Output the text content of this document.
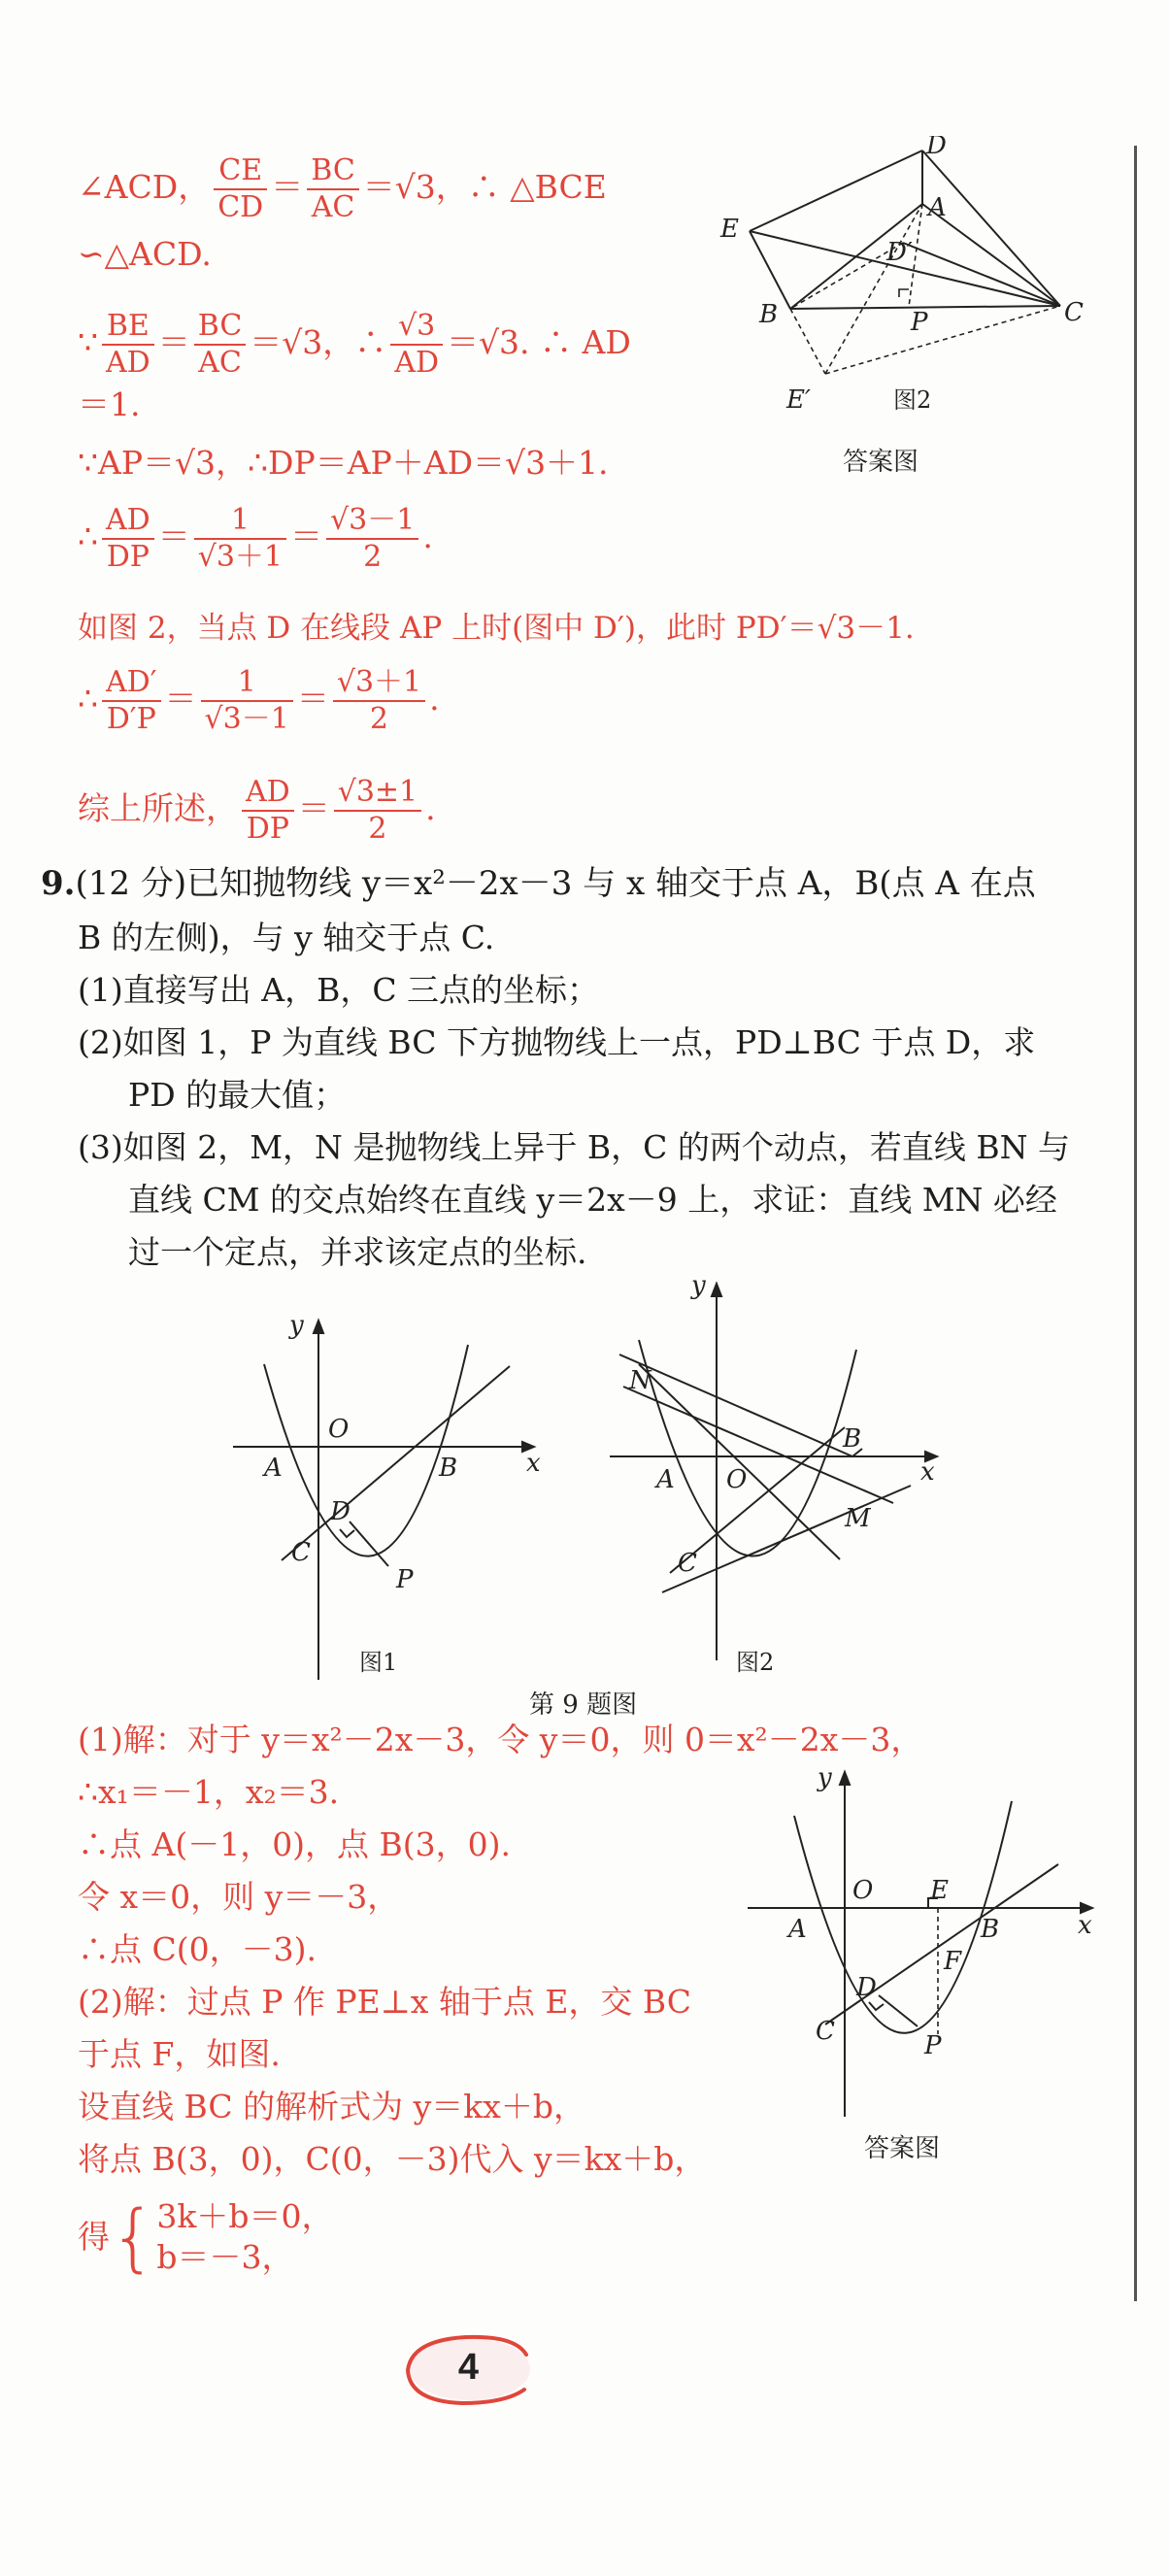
∠ACD， $\frac{CE}{CD} = \frac{BC}{AC} =√3$，∴ △BCE
∽△ACD.
∵ $\frac{BE}{AD} = \frac{BC}{AC} =√3$，∴ $\frac{√3}{AD} =√3$. ∴ AD
＝1.
∵AP＝√3，∴DP＝AP＋AD＝√3＋1.
∴ $\frac{AD}{DP} = \frac{1}{√3+1} = \frac{√3-1}{2}$ .
如图 2，当点 D 在线段 AP 上时(图中 D′)，此时 PD′＝√3－1.
∴ $\frac{AD'}{D'P} = \frac{1}{√3-1} = \frac{√3+1}{2}$ .
综上所述， $\frac{AD}{DP} = \frac{√3\pm 1}{2}$ .
D
A
E
D′
B	P	C
E′	图2
答案图
9.(12 分)已知抛物线 y＝x²－2x－3 与 x 轴交于点 A，B(点 A 在点
B 的左侧)，与 y 轴交于点 C.
(1)直接写出 A，B，C 三点的坐标；
(2)如图 1，P 为直线 BC 下方抛物线上一点，PD⊥BC 于点 D，求
PD 的最大值；
(3)如图 2，M，N 是抛物线上异于 B，C 的两个动点，若直线 BN 与
直线 CM 的交点始终在直线 y＝2x－9 上，求证：直线 MN 必经
过一个定点，并求该定点的坐标.
y
O
A	B	x
D
C
P
图1
y
N
B
A O	x
M
C
图2
第 9 题图
(1)解：对于 y＝x²－2x－3，令 y＝0，则 0＝x²－2x－3，
∴x₁＝－1，x₂＝3.
∴点 A(－1，0)，点 B(3，0).
令 x＝0，则 y＝－3，
∴点 C(0，－3).
(2)解：过点 P 作 PE⊥x 轴于点 E，交 BC
于点 F，如图.
设直线 BC 的解析式为 y＝kx＋b，
将点 B(3，0)，C(0，－3)代入 y＝kx＋b，
得{ 3k＋b＝0，
b＝－3，
y
O E
A	B	x
F
D
C	P
答案图
4
